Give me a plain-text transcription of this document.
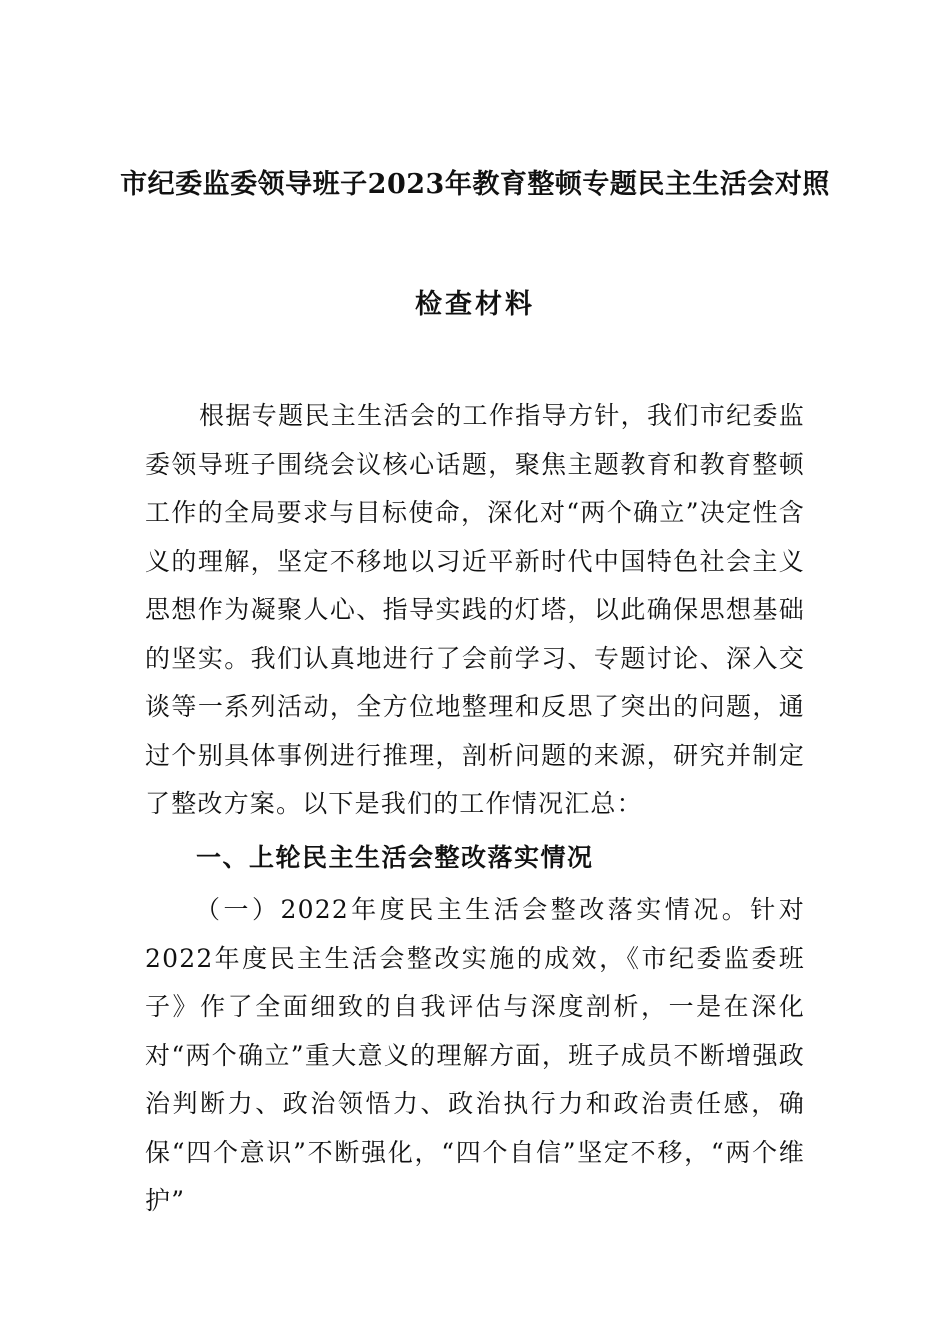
市纪委监委领导班子2023年教育整顿专题民主生活会对照
检查材料

根据专题民主生活会的工作指导方针，我们市纪委监委领导班子围绕会议核心话题，聚焦主题教育和教育整顿工作的全局要求与目标使命，深化对“两个确立”决定性含义的理解，坚定不移地以习近平新时代中国特色社会主义思想作为凝聚人心、指导实践的灯塔，以此确保思想基础的坚实。我们认真地进行了会前学习、专题讨论、深入交谈等一系列活动，全方位地整理和反思了突出的问题，通过个别具体事例进行推理，剖析问题的来源，研究并制定了整改方案。以下是我们的工作情况汇总：

一、上轮民主生活会整改落实情况

（一）2022年度民主生活会整改落实情况。针对2022年度民主生活会整改实施的成效，《市纪委监委班子》作了全面细致的自我评估与深度剖析，一是在深化对“两个确立”重大意义的理解方面，班子成员不断增强政治判断力、政治领悟力、政治执行力和政治责任感，确保“四个意识”不断强化，“四个自信”坚定不移，“两个维护”
